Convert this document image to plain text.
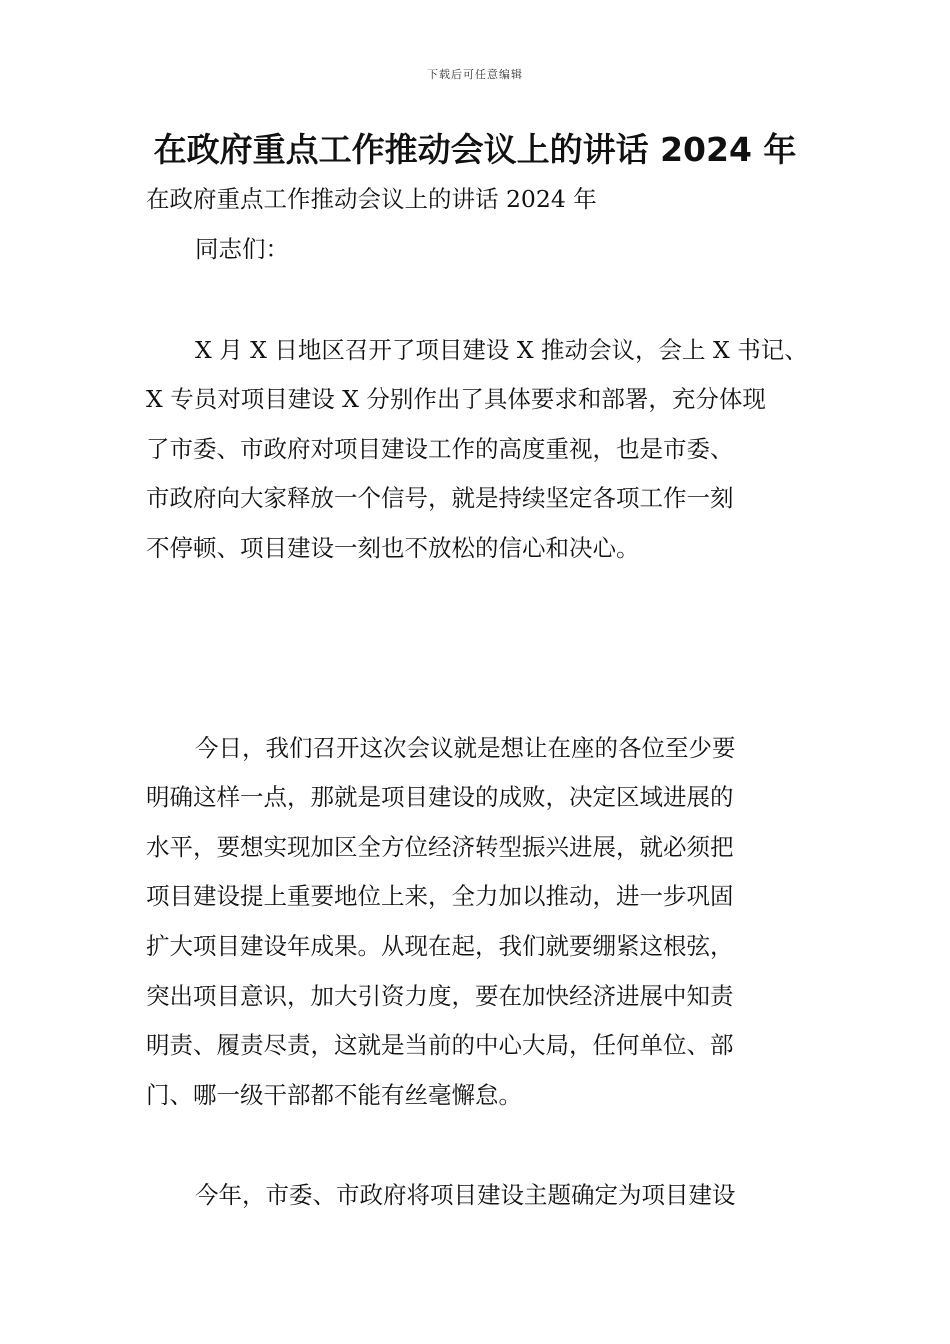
下载后可任意编辑
在政府重点工作推动会议上的讲话 2024 年
在政府重点工作推动会议上的讲话 2024 年
同志们：
X 月 X 日地区召开了项目建设 X 推动会议，会上 X 书记、
X 专员对项目建设 X 分别作出了具体要求和部署，充分体现
了市委、市政府对项目建设工作的高度重视，也是市委、
市政府向大家释放一个信号，就是持续坚定各项工作一刻
不停顿、项目建设一刻也不放松的信心和决心。
今日，我们召开这次会议就是想让在座的各位至少要
明确这样一点，那就是项目建设的成败，决定区域进展的
水平，要想实现加区全方位经济转型振兴进展，就必须把
项目建设提上重要地位上来，全力加以推动，进一步巩固
扩大项目建设年成果。从现在起，我们就要绷紧这根弦，
突出项目意识，加大引资力度，要在加快经济进展中知责
明责、履责尽责，这就是当前的中心大局，任何单位、部
门、哪一级干部都不能有丝毫懈怠。
今年，市委、市政府将项目建设主题确定为项目建设
